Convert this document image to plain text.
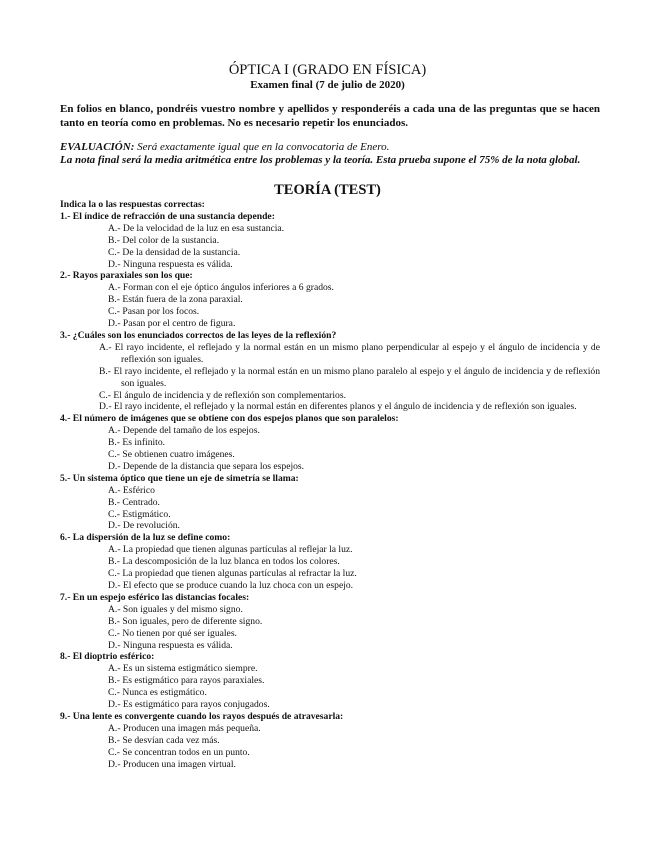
ÓPTICA I (GRADO EN FÍSICA)
Examen final (7 de julio de 2020)
En folios en blanco, pondréis vuestro nombre y apellidos y responderéis a cada una de las preguntas que se hacen tanto en teoría como en problemas. No es necesario repetir los enunciados.
EVALUACIÓN: Será exactamente igual que en la convocatoria de Enero.
La nota final será la media aritmética entre los problemas y la teoría. Esta prueba supone el 75% de la nota global.
TEORÍA (TEST)
Indica la o las respuestas correctas:
1.- El índice de refracción de una sustancia depende:
A.- De la velocidad de la luz en esa sustancia.
B.- Del color de la sustancia.
C.- De la densidad de la sustancia.
D.- Ninguna respuesta es válida.
2.- Rayos paraxiales son los que:
A.- Forman con el eje óptico ángulos inferiores a 6 grados.
B.- Están fuera de la zona paraxial.
C.- Pasan por los focos.
D.- Pasan por el centro de figura.
3.- ¿Cuáles son los enunciados correctos de las leyes de la reflexión?
A.- El rayo incidente, el reflejado y la normal están en un mismo plano perpendicular al espejo y el ángulo de incidencia y de reflexión son iguales.
B.- El rayo incidente, el reflejado y la normal están en un mismo plano paralelo al espejo y el ángulo de incidencia y de reflexión son iguales.
C.- El ángulo de incidencia y de reflexión son complementarios.
D.- El rayo incidente, el reflejado y la normal están en diferentes planos y el ángulo de incidencia y de reflexión son iguales.
4.- El número de imágenes que se obtiene con dos espejos planos que son paralelos:
A.- Depende del tamaño de los espejos.
B.- Es infinito.
C.- Se obtienen cuatro imágenes.
D.- Depende de la distancia que separa los espejos.
5.- Un sistema óptico que tiene un eje de simetría se llama:
A.- Esférico
B.- Centrado.
C.- Estigmático.
D.- De revolución.
6.- La dispersión de la luz se define como:
A.- La propiedad que tienen algunas partículas al reflejar la luz.
B.- La descomposición de la luz blanca en todos los colores.
C.- La propiedad que tienen algunas partículas al refractar la luz.
D.- El efecto que se produce cuando la luz choca con un espejo.
7.- En un espejo esférico las distancias focales:
A.- Son iguales y del mismo signo.
B.- Son iguales, pero de diferente signo.
C.- No tienen por qué ser iguales.
D.- Ninguna respuesta es válida.
8.- El dioptrio esférico:
A.- Es un sistema estigmático siempre.
B.- Es estigmático para rayos paraxiales.
C.- Nunca es estigmático.
D.- Es estigmático para rayos conjugados.
9.- Una lente es convergente cuando los rayos después de atravesarla:
A.- Producen una imagen más pequeña.
B.- Se desvían cada vez más.
C.- Se concentran todos en un punto.
D.- Producen una imagen virtual.
